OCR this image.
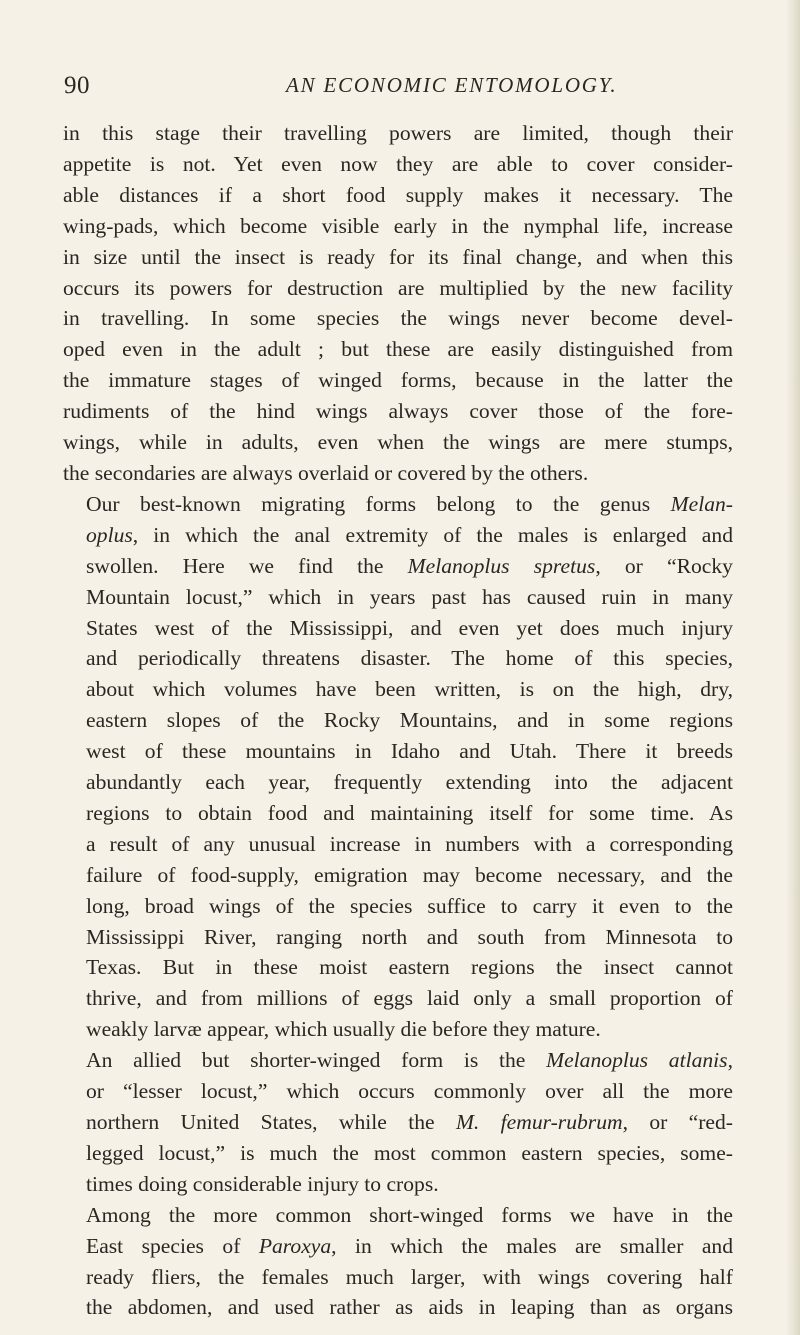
90	AN ECONOMIC ENTOMOLOGY.

in this stage their travelling powers are limited, though their
appetite is not. Yet even now they are able to cover consider-
able distances if a short food supply makes it necessary. The
wing-pads, which become visible early in the nymphal life, increase
in size until the insect is ready for its final change, and when this
occurs its powers for destruction are multiplied by the new facility
in travelling. In some species the wings never become devel-
oped even in the adult ; but these are easily distinguished from
the immature stages of winged forms, because in the latter the
rudiments of the hind wings always cover those of the fore-
wings, while in adults, even when the wings are mere stumps,
the secondaries are always overlaid or covered by the others.

Our best-known migrating forms belong to the genus Melan-
oplus, in which the anal extremity of the males is enlarged and
swollen. Here we find the Melanoplus spretus, or “Rocky
Mountain locust,” which in years past has caused ruin in many
States west of the Mississippi, and even yet does much injury
and periodically threatens disaster. The home of this species,
about which volumes have been written, is on the high, dry,
eastern slopes of the Rocky Mountains, and in some regions
west of these mountains in Idaho and Utah. There it breeds
abundantly each year, frequently extending into the adjacent
regions to obtain food and maintaining itself for some time. As
a result of any unusual increase in numbers with a corresponding
failure of food-supply, emigration may become necessary, and the
long, broad wings of the species suffice to carry it even to the
Mississippi River, ranging north and south from Minnesota to
Texas. But in these moist eastern regions the insect cannot
thrive, and from millions of eggs laid only a small proportion of
weakly larvæ appear, which usually die before they mature.

An allied but shorter-winged form is the Melanoplus atlanis,
or “lesser locust,” which occurs commonly over all the more
northern United States, while the M. femur-rubrum, or “red-
legged locust,” is much the most common eastern species, some-
times doing considerable injury to crops.

Among the more common short-winged forms we have in the
East species of Paroxya, in which the males are smaller and
ready fliers, the females much larger, with wings covering half
the abdomen, and used rather as aids in leaping than as organs
